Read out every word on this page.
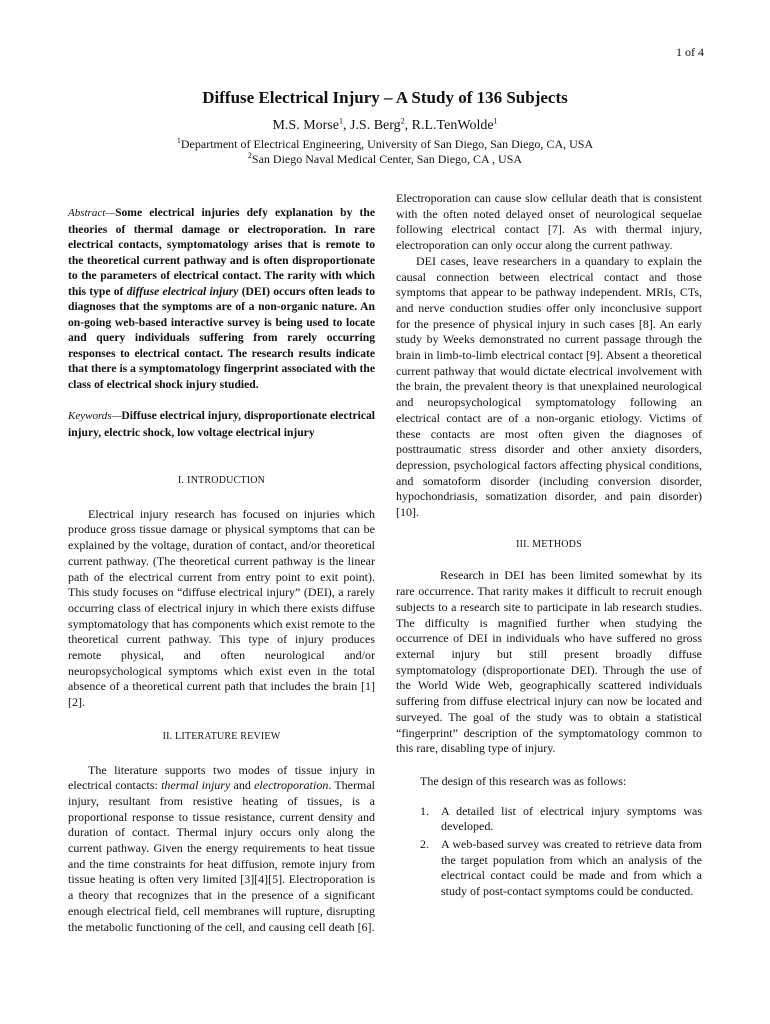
1 of 4
Diffuse Electrical Injury – A Study of 136 Subjects
M.S. Morse$^1$, J.S. Berg$^2$, R.L.TenWolde$^1$
$^1$Department of Electrical Engineering, University of San Diego, San Diego, CA, USA
$^2$San Diego Naval Medical Center, San Diego, CA , USA

Abstract—Some electrical injuries defy explanation by the theories of thermal damage or electroporation. In rare electrical contacts, symptomatology arises that is remote to the theoretical current pathway and is often disproportionate to the parameters of electrical contact. The rarity with which this type of diffuse electrical injury (DEI) occurs often leads to diagnoses that the symptoms are of a non-organic nature. An on-going web-based interactive survey is being used to locate and query individuals suffering from rarely occurring responses to electrical contact. The research results indicate that there is a symptomatology fingerprint associated with the class of electrical shock injury studied.

Keywords—Diffuse electrical injury, disproportionate electrical injury, electric shock, low voltage electrical injury

I. INTRODUCTION

Electrical injury research has focused on injuries which produce gross tissue damage or physical symptoms that can be explained by the voltage, duration of contact, and/or theoretical current pathway. (The theoretical current pathway is the linear path of the electrical current from entry point to exit point). This study focuses on “diffuse electrical injury” (DEI), a rarely occurring class of electrical injury in which there exists diffuse symptomatology that has components which exist remote to the theoretical current pathway. This type of injury produces remote physical, and often neurological and/or neuropsychological symptoms which exist even in the total absence of a theoretical current path that includes the brain [1][2].

II. LITERATURE REVIEW

The literature supports two modes of tissue injury in electrical contacts: thermal injury and electroporation. Thermal injury, resultant from resistive heating of tissues, is a proportional response to tissue resistance, current density and duration of contact. Thermal injury occurs only along the current pathway. Given the energy requirements to heat tissue and the time constraints for heat diffusion, remote injury from tissue heating is often very limited [3][4][5]. Electroporation is a theory that recognizes that in the presence of a significant enough electrical field, cell membranes will rupture, disrupting the metabolic functioning of the cell, and causing cell death [6].

Electroporation can cause slow cellular death that is consistent with the often noted delayed onset of neurological sequelae following electrical contact [7]. As with thermal injury, electroporation can only occur along the current pathway.

DEI cases, leave researchers in a quandary to explain the causal connection between electrical contact and those symptoms that appear to be pathway independent. MRIs, CTs, and nerve conduction studies offer only inconclusive support for the presence of physical injury in such cases [8]. An early study by Weeks demonstrated no current passage through the brain in limb-to-limb electrical contact [9]. Absent a theoretical current pathway that would dictate electrical involvement with the brain, the prevalent theory is that unexplained neurological and neuropsychological symptomatology following an electrical contact are of a non-organic etiology. Victims of these contacts are most often given the diagnoses of posttraumatic stress disorder and other anxiety disorders, depression, psychological factors affecting physical conditions, and somatoform disorder (including conversion disorder, hypochondriasis, somatization disorder, and pain disorder) [10].

III. METHODS

Research in DEI has been limited somewhat by its rare occurrence. That rarity makes it difficult to recruit enough subjects to a research site to participate in lab research studies. The difficulty is magnified further when studying the occurrence of DEI in individuals who have suffered no gross external injury but still present broadly diffuse symptomatology (disproportionate DEI). Through the use of the World Wide Web, geographically scattered individuals suffering from diffuse electrical injury can now be located and surveyed. The goal of the study was to obtain a statistical “fingerprint” description of the symptomatology common to this rare, disabling type of injury.

The design of this research was as follows:

1. A detailed list of electrical injury symptoms was developed.
2. A web-based survey was created to retrieve data from the target population from which an analysis of the electrical contact could be made and from which a study of post-contact symptoms could be conducted.
